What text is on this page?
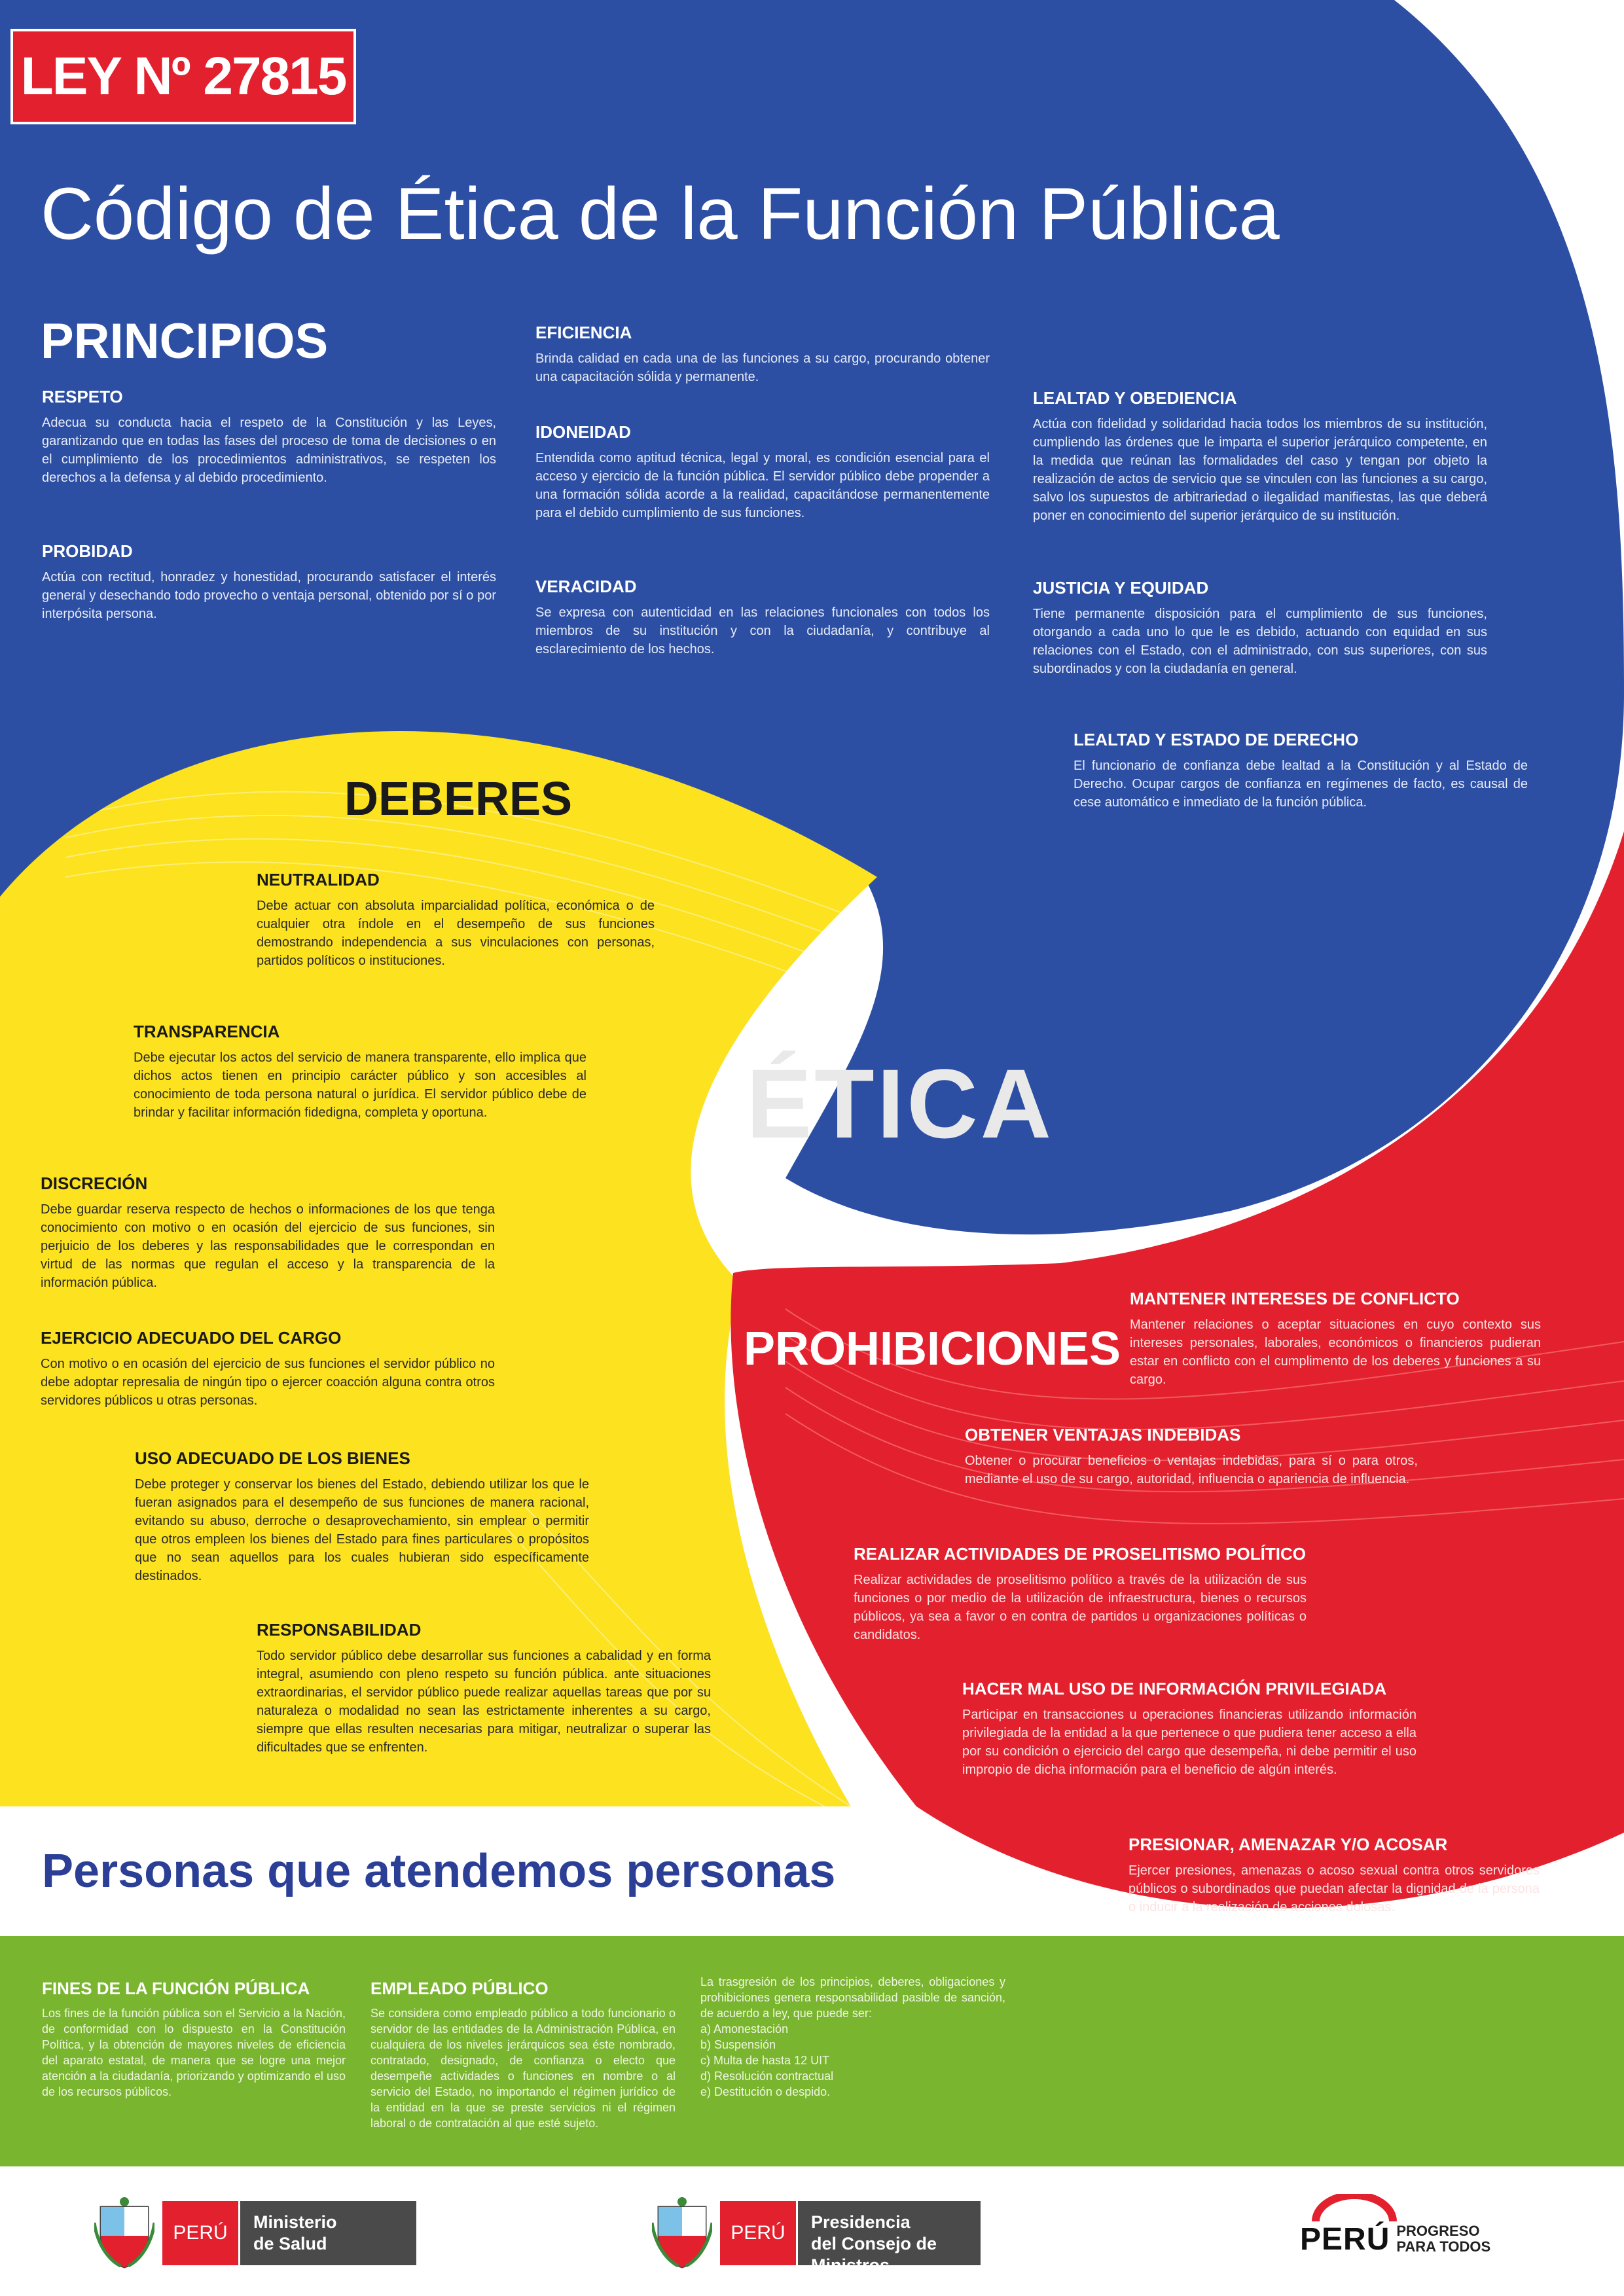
LEY Nº 27815
Código de Ética de la Función Pública
PRINCIPIOS
RESPETO
Adecua su conducta hacia el respeto de la Constitución y las Leyes, garantizando que en todas las fases del proceso de toma de decisiones o en el cumplimiento de los procedimientos administrativos, se respeten los derechos a la defensa y al debido procedimiento.
PROBIDAD
Actúa con rectitud, honradez y honestidad, procurando satisfacer el interés general y desechando todo provecho o ventaja personal, obtenido por sí o por interpósita persona.
EFICIENCIA
Brinda calidad en cada una de las funciones a su cargo, procurando obtener una capacitación sólida y permanente.
IDONEIDAD
Entendida como aptitud técnica, legal y moral, es condición esencial para el acceso y ejercicio de la función pública. El servidor público debe propender a una formación sólida acorde a la realidad, capacitándose permanentemente para el debido cumplimiento de sus funciones.
VERACIDAD
Se expresa con autenticidad en las relaciones funcionales con todos los miembros de su institución y con la ciudadanía, y contribuye al esclarecimiento de los hechos.
LEALTAD Y OBEDIENCIA
Actúa con fidelidad y solidaridad hacia todos los miembros de su institución, cumpliendo las órdenes que le imparta el superior jerárquico competente, en la medida que reúnan las formalidades del caso y tengan por objeto la realización de actos de servicio que se vinculen con las funciones a su cargo, salvo los supuestos de arbitrariedad o ilegalidad manifiestas, las que deberá poner en conocimiento del superior jerárquico de su institución.
JUSTICIA Y EQUIDAD
Tiene permanente disposición para el cumplimiento de sus funciones, otorgando a cada uno lo que le es debido, actuando con equidad en sus relaciones con el Estado, con el administrado, con sus superiores, con sus subordinados y con la ciudadanía en general.
LEALTAD Y ESTADO DE DERECHO
El funcionario de confianza debe lealtad a la Constitución y al Estado de Derecho. Ocupar cargos de confianza en regímenes de facto, es causal de cese automático e inmediato de la función pública.
ÉTICA
DEBERES
NEUTRALIDAD
Debe actuar con absoluta imparcialidad política, económica o de cualquier otra índole en el desempeño de sus funciones demostrando independencia a sus vinculaciones con personas, partidos políticos o instituciones.
TRANSPARENCIA
Debe ejecutar los actos del servicio de manera transparente, ello implica que dichos actos tienen en principio carácter público y son accesibles al conocimiento de toda persona natural o jurídica. El servidor público debe de brindar y facilitar información fidedigna, completa y oportuna.
DISCRECIÓN
Debe guardar reserva respecto de hechos o informaciones de los que tenga conocimiento con motivo o en ocasión del ejercicio de sus funciones, sin perjuicio de los deberes y las responsabilidades que le correspondan en virtud de las normas que regulan el acceso y la transparencia de la información pública.
EJERCICIO ADECUADO DEL CARGO
Con motivo o en ocasión del ejercicio de sus funciones el servidor público no debe adoptar represalia de ningún tipo o ejercer coacción alguna contra otros servidores públicos u otras personas.
USO ADECUADO DE LOS BIENES
Debe proteger y conservar los bienes del Estado, debiendo utilizar los que le fueran asignados para el desempeño de sus funciones de manera racional, evitando su abuso, derroche o desaprovechamiento, sin emplear o permitir que otros empleen los bienes del Estado para fines particulares o propósitos que no sean aquellos para los cuales hubieran sido específicamente destinados.
RESPONSABILIDAD
Todo servidor público debe desarrollar sus funciones a cabalidad y en forma integral, asumiendo con pleno respeto su función pública. ante situaciones extraordinarias, el servidor público puede realizar aquellas tareas que por su naturaleza o modalidad no sean las estrictamente inherentes a su cargo, siempre que ellas resulten necesarias para mitigar, neutralizar o superar las dificultades que se enfrenten.
PROHIBICIONES
MANTENER INTERESES DE CONFLICTO
Mantener relaciones o aceptar situaciones en cuyo contexto sus intereses personales, laborales, económicos o financieros pudieran estar en conflicto con el cumplimento de los deberes y funciones a su cargo.
OBTENER VENTAJAS INDEBIDAS
Obtener o procurar beneficios o ventajas indebidas, para sí o para otros, mediante el uso de su cargo, autoridad, influencia o apariencia de influencia.
REALIZAR ACTIVIDADES DE PROSELITISMO POLÍTICO
Realizar actividades de proselitismo político a través de la utilización de sus funciones o por medio de la utilización de infraestructura, bienes o recursos públicos, ya sea a favor o en contra de partidos u organizaciones políticas o candidatos.
HACER MAL USO DE INFORMACIÓN PRIVILEGIADA
Participar en transacciones u operaciones financieras utilizando información privilegiada de la entidad a la que pertenece o que pudiera tener acceso a ella por su condición o ejercicio del cargo que desempeña, ni debe permitir el uso impropio de dicha información para el beneficio de algún interés.
PRESIONAR, AMENAZAR Y/O ACOSAR
Ejercer presiones, amenazas o acoso sexual contra otros servidores públicos o subordinados que puedan afectar la dignidad de la persona o inducir a la realización de acciones dolosas.
Personas que atendemos personas
FINES DE LA FUNCIÓN PÚBLICA
Los fines de la función pública son el Servicio a la Nación, de conformidad con lo dispuesto en la Constitución Política, y la obtención de mayores niveles de eficiencia del aparato estatal, de manera que se logre una mejor atención a la ciudadanía, priorizando y optimizando el uso de los recursos públicos.
EMPLEADO PÚBLICO
Se considera como empleado público a todo funcionario o servidor de las entidades de la Administración Pública, en cualquiera de los niveles jerárquicos sea éste nombrado, contratado, designado, de confianza o electo que desempeñe actividades o funciones en nombre o al servicio del Estado, no importando el régimen jurídico de la entidad en la que se preste servicios ni el régimen laboral o de contratación al que esté sujeto.
La trasgresión de los principios, deberes, obligaciones y prohibiciones genera responsabilidad pasible de sanción, de acuerdo a ley, que puede ser:
a) Amonestación
b) Suspensión
c) Multa de hasta 12 UIT
d) Resolución contractual
e) Destitución o despido.
PERÚ	Ministerio
de Salud	PERÚ	Presidencia
del Consejo de Ministros
PERÚ PROGRESO
PARA TODOS
